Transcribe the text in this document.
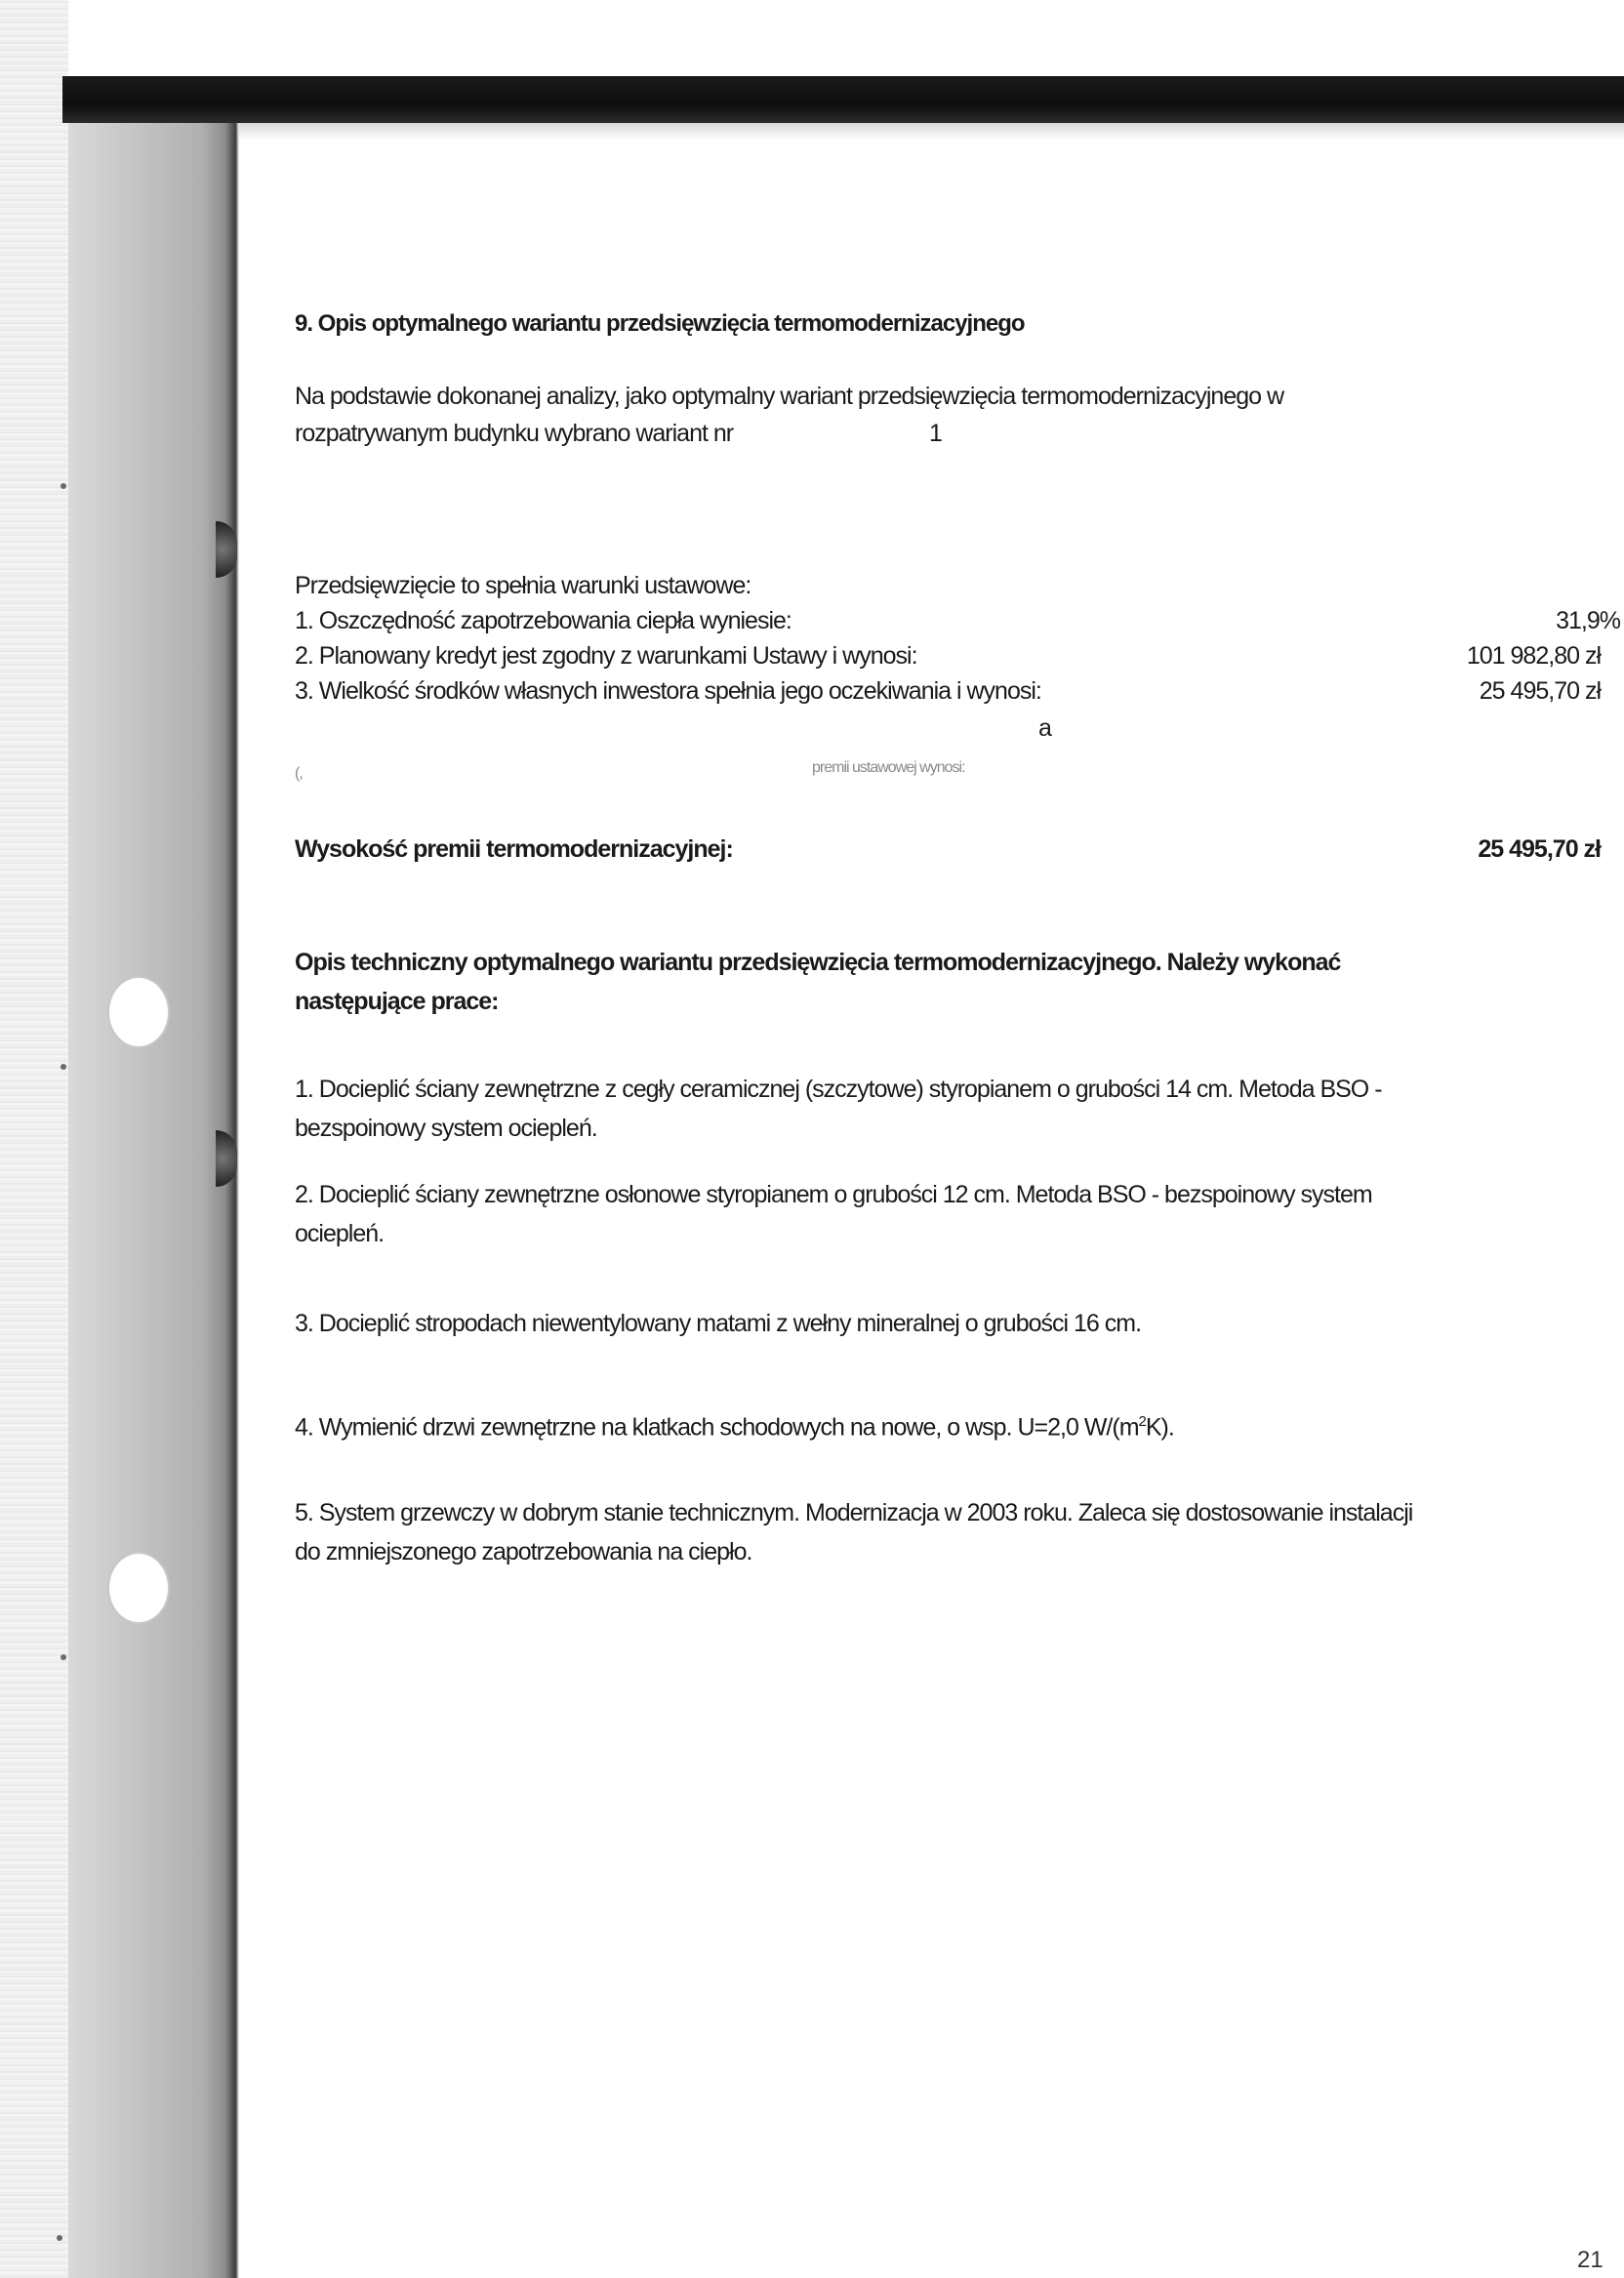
9. Opis optymalnego wariantu przedsięwzięcia termomodernizacyjnego
Na podstawie dokonanej analizy, jako optymalny wariant przedsięwzięcia termomodernizacyjnego w
rozpatrywanym budynku wybrano wariant nr	1
Przedsięwzięcie to spełnia warunki ustawowe:
1. Oszczędność zapotrzebowania ciepła wyniesie:	31,9%
2. Planowany kredyt jest zgodny z warunkami Ustawy i wynosi:	101 982,80 zł
3. Wielkość środków własnych inwestora spełnia jego oczekiwania i wynosi:	25 495,70 zł
a
(,	premii ustawowej wynosi:
Wysokość premii termomodernizacyjnej:	25 495,70 zł
Opis techniczny optymalnego wariantu przedsięwzięcia termomodernizacyjnego. Należy wykonać
następujące prace:
1. Docieplić ściany zewnętrzne z cegły ceramicznej (szczytowe) styropianem o grubości 14 cm. Metoda BSO -
bezspoinowy system ociepleń.
2. Docieplić ściany zewnętrzne osłonowe styropianem o grubości 12 cm. Metoda BSO - bezspoinowy system
ociepleń.
3. Docieplić stropodach niewentylowany matami z wełny mineralnej o grubości 16 cm.
4. Wymienić drzwi zewnętrzne na klatkach schodowych na nowe, o wsp. U=2,0 $W/(m^2K)$.
5. System grzewczy w dobrym stanie technicznym. Modernizacja w 2003 roku. Zaleca się dostosowanie instalacji
do zmniejszonego zapotrzebowania na ciepło.
21
